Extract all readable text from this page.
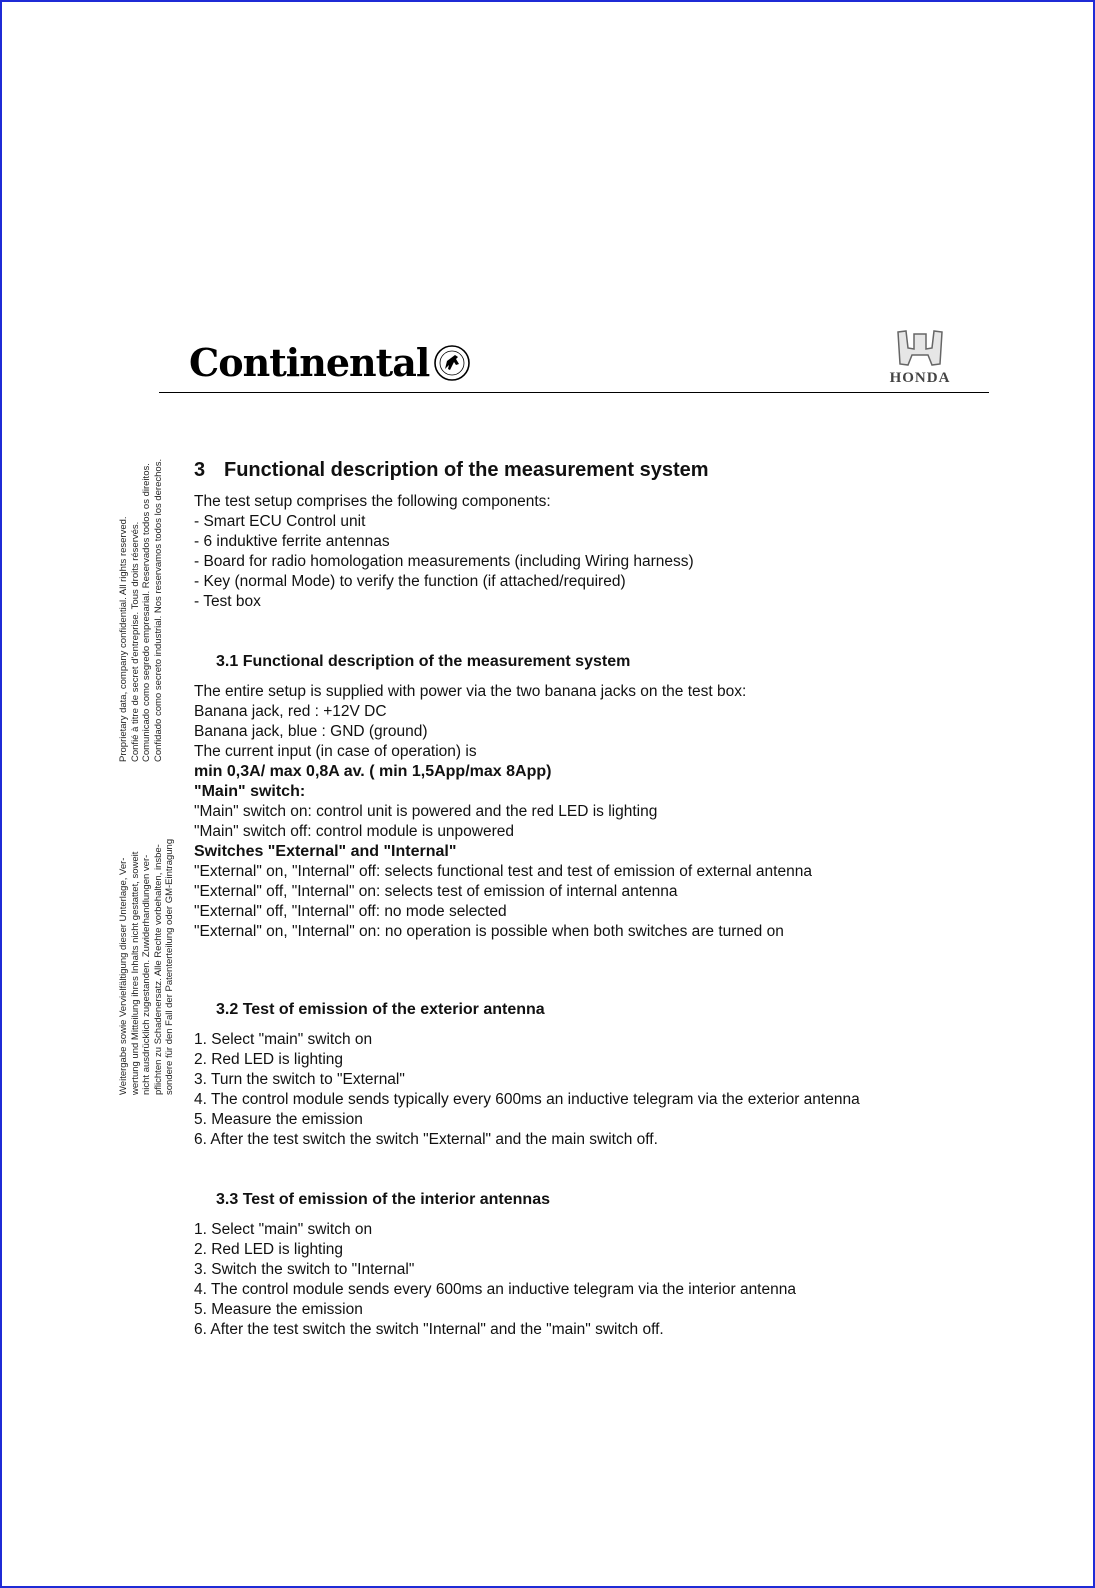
Continental	HONDA

Proprietary data, company confidential. All rights reserved. Confié à titre de secret d'entreprise. Tous droits réservés. Comunicado como segredo empresarial. Reservados todos os direitos. Confidado como secreto industrial. Nos reservamos todos los derechos.

Weitergabe sowie Vervielfältigung dieser Unterlage, Ver- wertung und Mitteilung ihres Inhalts nicht gestattet, soweit nicht ausdrücklich zugestanden. Zuwiderhandlungen ver- pflichten zu Schadenersatz. Alle Rechte vorbehalten, insbe- sondere für den Fall der Patenterteilung oder GM-Eintragung

3 Functional description of the measurement system
The test setup comprises the following components:
- Smart ECU Control unit
- 6 induktive ferrite antennas
- Board for radio homologation measurements (including Wiring harness)
- Key (normal Mode) to verify the function (if attached/required)
- Test box
3.1 Functional description of the measurement system
The entire setup is supplied with power via the two banana jacks on the test box:
Banana jack, red : +12V DC
Banana jack, blue : GND (ground)
The current input (in case of operation) is
min 0,3A/ max 0,8A av. ( min 1,5App/max 8App)
"Main" switch:
"Main" switch on: control unit is powered and the red LED is lighting
"Main" switch off: control module is unpowered
Switches "External" and "Internal"
"External" on, "Internal" off: selects functional test and test of emission of external antenna
"External" off, "Internal" on: selects test of emission of internal antenna
"External" off, "Internal" off: no mode selected
"External" on, "Internal" on: no operation is possible when both switches are turned on
3.2 Test of emission of the exterior antenna
1. Select "main" switch on
2. Red LED is lighting
3. Turn the switch to "External"
4. The control module sends typically every 600ms an inductive telegram via the exterior antenna
5. Measure the emission
6. After the test switch the switch "External" and the main switch off.
3.3 Test of emission of the interior antennas
1. Select "main" switch on
2. Red LED is lighting
3. Switch the switch to "Internal"
4. The control module sends every 600ms an inductive telegram via the interior antenna
5. Measure the emission
6. After the test switch the switch "Internal" and the "main" switch off.
